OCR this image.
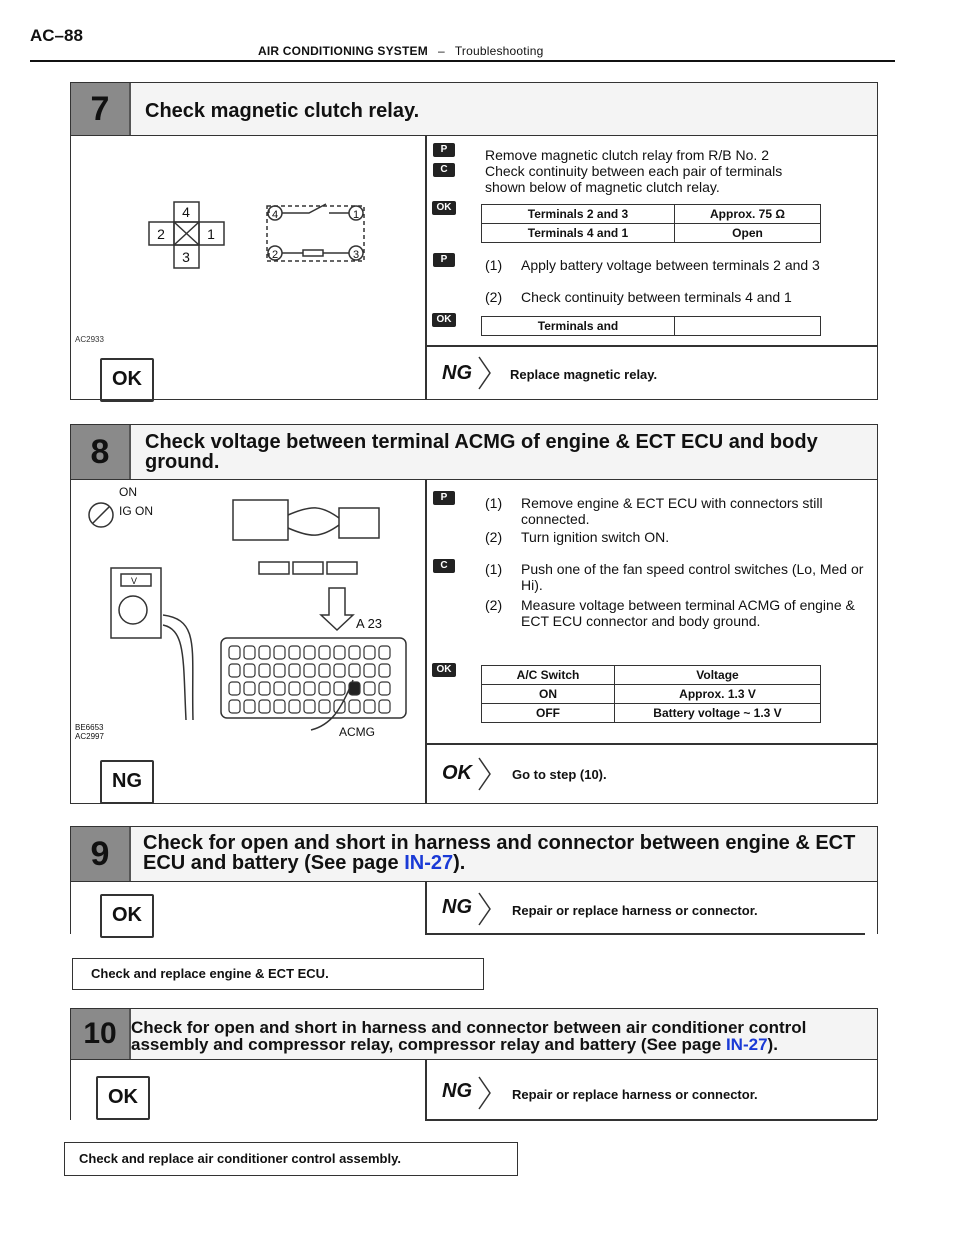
AC–88
AIR CONDITIONING SYSTEM – Troubleshooting
7	Check magnetic clutch relay.
4
2	1
3
4	1
2	3
AC2933
P
C
OK
P
OK
Remove magnetic clutch relay from R/B No. 2
Check continuity between each pair of terminals shown below of magnetic clutch relay.
Terminals 2 and 3	Approx. 75 Ω
Terminals 4 and 1	Open
(1) Apply battery voltage between terminals 2 and 3
(2) Check continuity between terminals 4 and 1
Terminals and	
OK	NG	Replace magnetic relay.
8	Check voltage between terminal ACMG of engine & ECT ECU and body ground.
ON
IG ON
V
A 23
ACMG
BE6653
AC2997
P
C
OK
(1) Remove engine & ECT ECU with connectors still connected.
(2) Turn ignition switch ON.
(1) Push one of the fan speed control switches (Lo, Med or Hi).
(2) Measure voltage between terminal ACMG of engine & ECT ECU connector and body ground.
A/C Switch	Voltage
ON	Approx. 1.3 V
OFF	Battery voltage ~ 1.3 V
NG	OK	Go to step (10).
9	Check for open and short in harness and connector between engine & ECT ECU and battery (See page IN-27).
OK	NG	Repair or replace harness or connector.
Check and replace engine & ECT ECU.
10 Check for open and short in harness and connector between air conditioner control assembly and compressor relay, compressor relay and battery (See page IN-27).
OK	NG	Repair or replace harness or connector.
Check and replace air conditioner control assembly.
